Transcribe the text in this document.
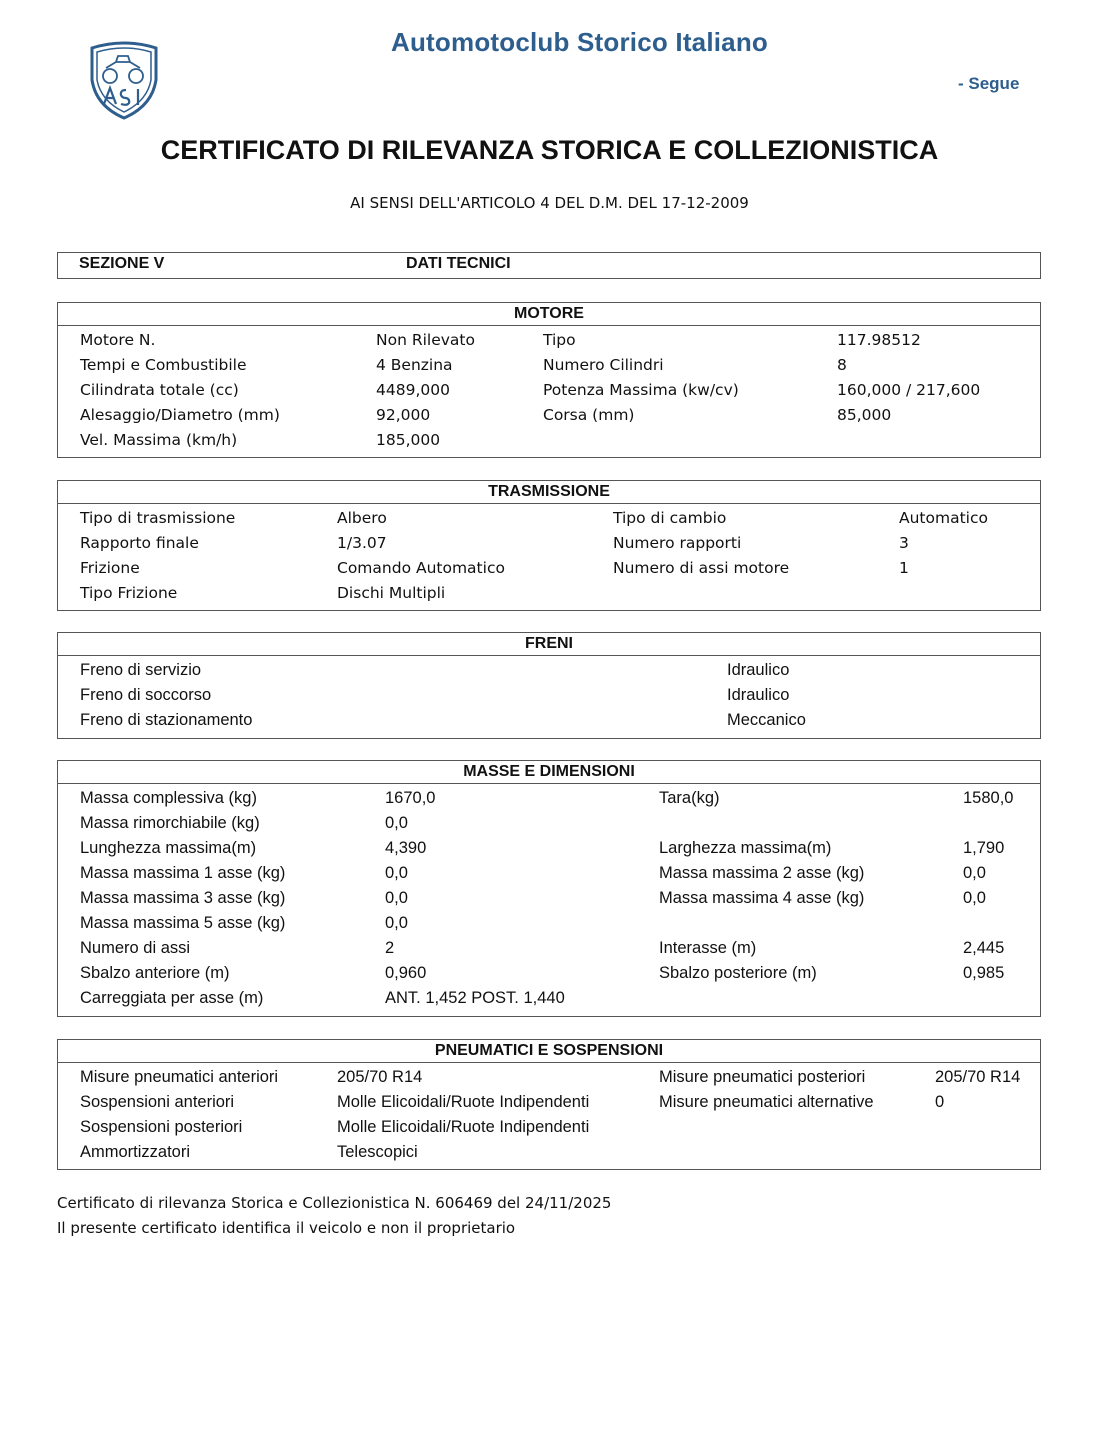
Automotoclub Storico Italiano
- Segue
CERTIFICATO DI RILEVANZA STORICA E COLLEZIONISTICA
AI SENSI DELL'ARTICOLO 4 DEL D.M. DEL 17-12-2009
SEZIONE V	DATI TECNICI
MOTORE
Motore N.	Non Rilevato	Tipo	117.98512
Tempi e Combustibile	4 Benzina	Numero Cilindri	8
Cilindrata totale (cc)	4489,000	Potenza Massima (kw/cv)	160,000 / 217,600
Alesaggio/Diametro (mm)	92,000	Corsa (mm)	85,000
Vel. Massima (km/h)	185,000
TRASMISSIONE
Tipo di trasmissione	Albero	Tipo di cambio	Automatico
Rapporto finale	1/3.07	Numero rapporti	3
Frizione	Comando Automatico	Numero di assi motore	1
Tipo Frizione	Dischi Multipli
FRENI
Freno di servizio	Idraulico
Freno di soccorso	Idraulico
Freno di stazionamento	Meccanico
MASSE E DIMENSIONI
Massa complessiva (kg)	1670,0	Tara(kg)	1580,0
Massa rimorchiabile (kg)	0,0
Lunghezza massima(m)	4,390	Larghezza massima(m)	1,790
Massa massima 1 asse (kg)	0,0	Massa massima 2 asse (kg)	0,0
Massa massima 3 asse (kg)	0,0	Massa massima 4 asse (kg)	0,0
Massa massima 5 asse (kg)	0,0
Numero di assi	2	Interasse (m)	2,445
Sbalzo anteriore (m)	0,960	Sbalzo posteriore (m)	0,985
Carreggiata per asse (m)	ANT. 1,452 POST. 1,440
PNEUMATICI E SOSPENSIONI
Misure pneumatici anteriori	205/70 R14	Misure pneumatici posteriori	205/70 R14
Sospensioni anteriori	Molle Elicoidali/Ruote Indipendenti	Misure pneumatici alternative	0
Sospensioni posteriori	Molle Elicoidali/Ruote Indipendenti
Ammortizzatori	Telescopici
Certificato di rilevanza Storica e Collezionistica N. 606469 del 24/11/2025
Il presente certificato identifica il veicolo e non il proprietario
